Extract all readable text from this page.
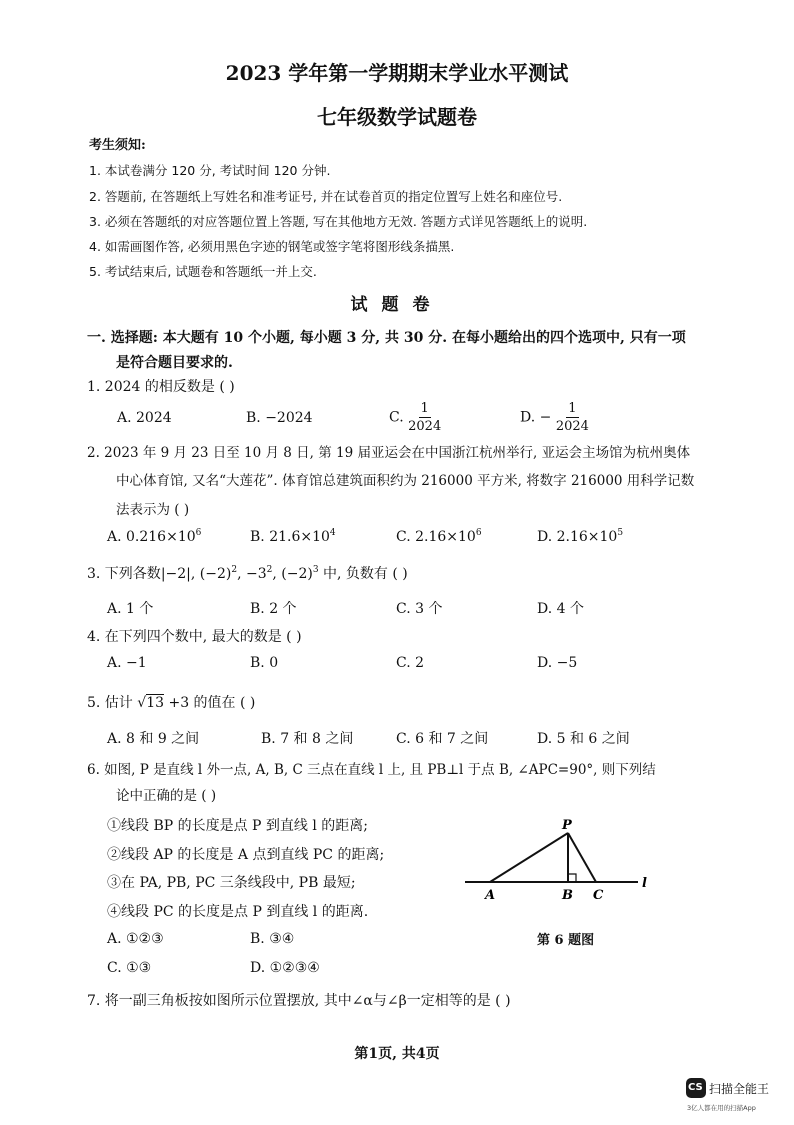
2023 学年第一学期期末学业水平测试
七年级数学试题卷
考生须知:
1. 本试卷满分 120 分, 考试时间 120 分钟.
2. 答题前, 在答题纸上写姓名和准考证号, 并在试卷首页的指定位置写上姓名和座位号.
3. 必须在答题纸的对应答题位置上答题, 写在其他地方无效. 答题方式详见答题纸上的说明.
4. 如需画图作答, 必须用黑色字迹的钢笔或签字笔将图形线条描黑.
5. 考试结束后, 试题卷和答题纸一并上交.
试题卷
一. 选择题: 本大题有 10 个小题, 每小题 3 分, 共 30 分. 在每小题给出的四个选项中, 只有一项
是符合题目要求的.
1. 2024 的相反数是 ( )
A. 2024	B. −2024	C. $\frac{1}{2024}$	D. − $\frac{1}{2024}$
2. 2023 年 9 月 23 日至 10 月 8 日, 第 19 届亚运会在中国浙江杭州举行, 亚运会主场馆为杭州奥体
中心体育馆, 又名“大莲花”. 体育馆总建筑面积约为 216000 平方米, 将数字 216000 用科学记数
法表示为 ( )
A. $0.216\times 10^6$	B. $21.6\times 10^4$	C. $2.16\times 10^6$	D. $2.16\times 10^5$
3. 下列各数|−2|, $(-2)^2$, $-3^2$, $(-2)^3$ 中, 负数有 ( )
A. 1 个	B. 2 个	C. 3 个	D. 4 个
4. 在下列四个数中, 最大的数是 ( )
A. −1	B. 0	C. 2	D. −5
5. 估计 √13 +3 的值在 ( )
A. 8 和 9 之间	B. 7 和 8 之间	C. 6 和 7 之间	D. 5 和 6 之间
6. 如图, P 是直线 l 外一点, A, B, C 三点在直线 l 上, 且 PB⊥l 于点 B, ∠APC=90°, 则下列结
论中正确的是 ( )
①线段 BP 的长度是点 P 到直线 l 的距离;
②线段 AP 的长度是 A 点到直线 PC 的距离;
③在 PA, PB, PC 三条线段中, PB 最短;
④线段 PC 的长度是点 P 到直线 l 的距离.
A. ①②③	B. ③④
C. ①③	D. ①②③④
P
A	B C
l
第 6 题图
7. 将一副三角板按如图所示位置摆放, 其中∠α与∠β一定相等的是 ( )
第1页, 共4页
CS 扫描全能王
3亿人都在用的扫描App
